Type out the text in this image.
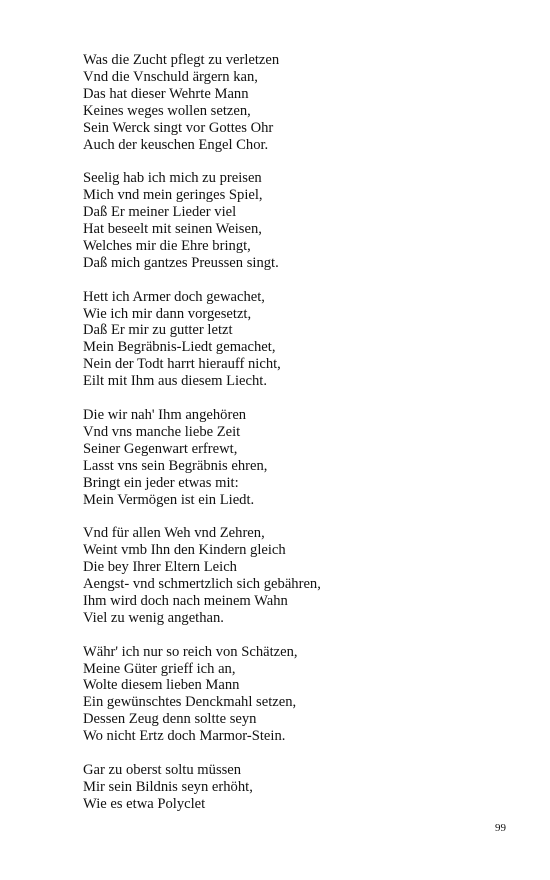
Was die Zucht pflegt zu verletzen
Vnd die Vnschuld ärgern kan,
Das hat dieser Wehrte Mann
Keines weges wollen setzen,
Sein Werck singt vor Gottes Ohr
Auch der keuschen Engel Chor.
Seelig hab ich mich zu preisen
Mich vnd mein geringes Spiel,
Daß Er meiner Lieder viel
Hat beseelt mit seinen Weisen,
Welches mir die Ehre bringt,
Daß mich gantzes Preussen singt.
Hett ich Armer doch gewachet,
Wie ich mir dann vorgesetzt,
Daß Er mir zu gutter letzt
Mein Begräbnis-Liedt gemachet,
Nein der Todt harrt hierauff nicht,
Eilt mit Ihm aus diesem Liecht.
Die wir nah' Ihm angehören
Vnd vns manche liebe Zeit
Seiner Gegenwart erfrewt,
Lasst vns sein Begräbnis ehren,
Bringt ein jeder etwas mit:
Mein Vermögen ist ein Liedt.
Vnd für allen Weh vnd Zehren,
Weint vmb Ihn den Kindern gleich
Die bey Ihrer Eltern Leich
Aengst- vnd schmertzlich sich gebähren,
Ihm wird doch nach meinem Wahn
Viel zu wenig angethan.
Währ' ich nur so reich von Schätzen,
Meine Güter grieff ich an,
Wolte diesem lieben Mann
Ein gewünschtes Denckmahl setzen,
Dessen Zeug denn soltte seyn
Wo nicht Ertz doch Marmor-Stein.
Gar zu oberst soltu müssen
Mir sein Bildnis seyn erhöht,
Wie es etwa Polyclet
99
